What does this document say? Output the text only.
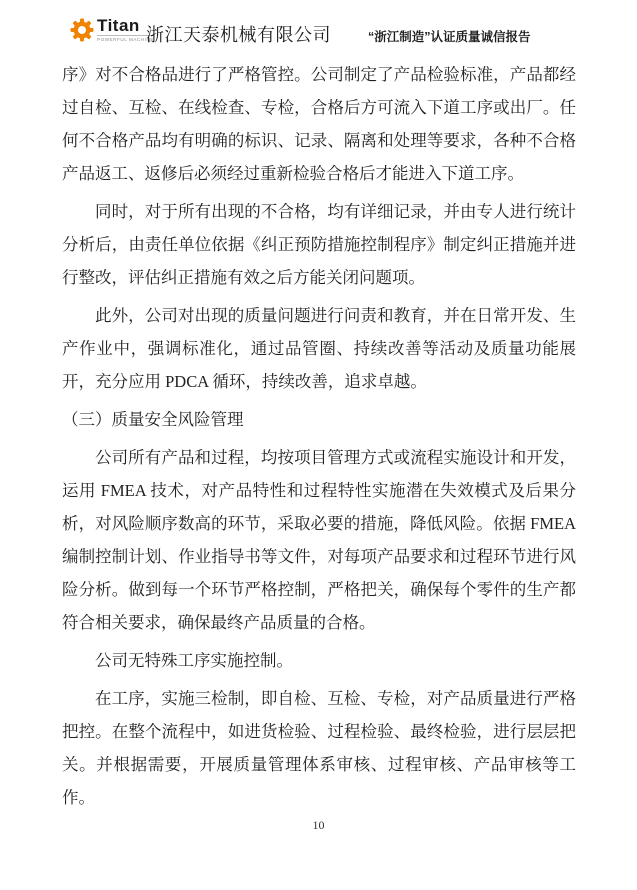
Titan
POWERFUL MACHINE
浙江天泰机械有限公司	“浙江制造”认证质量诚信报告

序》对不合格品进行了严格管控。公司制定了产品检验标准，产品都经过自检、互检、在线检查、专检，合格后方可流入下道工序或出厂。任何不合格产品均有明确的标识、记录、隔离和处理等要求，各种不合格产品返工、返修后必须经过重新检验合格后才能进入下道工序。

同时，对于所有出现的不合格，均有详细记录，并由专人进行统计分析后，由责任单位依据《纠正预防措施控制程序》制定纠正措施并进行整改，评估纠正措施有效之后方能关闭问题项。

此外，公司对出现的质量问题进行问责和教育，并在日常开发、生产作业中，强调标准化，通过品管圈、持续改善等活动及质量功能展开，充分应用 PDCA 循环，持续改善，追求卓越。

（三）质量安全风险管理

公司所有产品和过程，均按项目管理方式或流程实施设计和开发，运用 FMEA 技术，对产品特性和过程特性实施潜在失效模式及后果分析，对风险顺序数高的环节，采取必要的措施，降低风险。依据 FMEA 编制控制计划、作业指导书等文件，对每项产品要求和过程环节进行风险分析。做到每一个环节严格控制，严格把关，确保每个零件的生产都符合相关要求，确保最终产品质量的合格。

公司无特殊工序实施控制。

在工序，实施三检制，即自检、互检、专检，对产品质量进行严格把控。在整个流程中，如进货检验、过程检验、最终检验，进行层层把关。并根据需要，开展质量管理体系审核、过程审核、产品审核等工作。

10
